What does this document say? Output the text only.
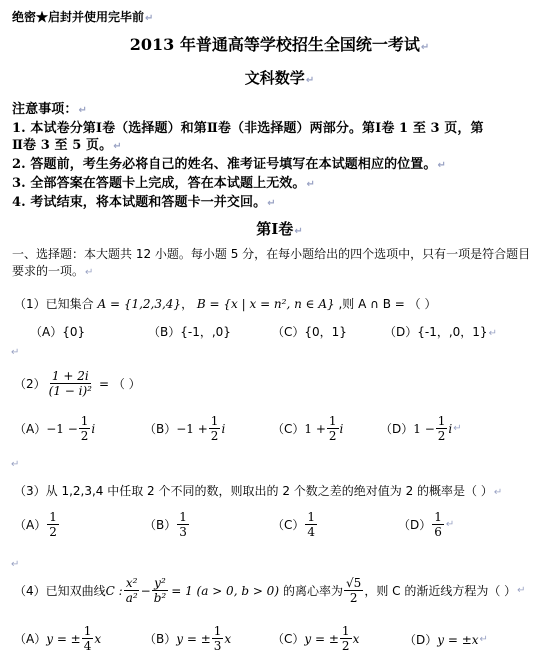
绝密★启封并使用完毕前↵
2013 年普通高等学校招生全国统一考试↵
文科数学↵
注意事项：↵
1. 本试卷分第Ⅰ卷（选择题）和第Ⅱ卷（非选择题）两部分。第Ⅰ卷 1 至 3 页，第
Ⅱ卷 3 至 5 页。↵
2. 答题前，考生务必将自己的姓名、准考证号填写在本试题相应的位置。↵
3. 全部答案在答题卡上完成，答在本试题上无效。↵
4. 考试结束，将本试题和答题卡一并交回。↵
第Ⅰ卷↵
一、选择题：本大题共 12 小题。每小题 5 分，在每小题给出的四个选项中，只有一项是符合题目
要求的一项。↵
（1）已知集合 A = {1,2,3,4}， B = {x | x = n², n ∈ A} ,则 A ∩ B = （ ）
（A）{0}	（B）{-1，,0}	（C）{0，1}	（D）{-1，,0，1}↵
↵
$(2) \frac{1 + 2i}{\text{(1 − i)²}}$ = （ ）
$(A) -1 - \frac{1}{2}$ i	$(B) -1 + \frac{1}{2}$ i	（C） $1 + \frac{1}{2}$ i	（D） $1 - \frac{1}{2}$ i ↵
↵
（3）从 1,2,3,4 中任取 2 个不同的数，则取出的 2 个数之差的绝对值为 2 的概率是（ ）↵
$(A) \frac{1}{2}$	$(B) \frac{1}{3}$	$(C) \frac{1}{4}$	$(D) \frac{1}{6}$ ↵
↵
（4）已知双曲线 C : $\frac{\text{x²}}{\text{a²}} - \frac{\text{y²}}{\text{b²}} = 1$ (a > 0, b > 0) 的离心率为 $\frac{√5}{2}$ ，则 C 的渐近线方程为（ ） ↵
（A） y = ± $\frac{1}{4}$ x	（B） y = ± $\frac{1}{3}$ x	（C） y = ± $\frac{1}{2}$ x	（D） y = ±x ↵
